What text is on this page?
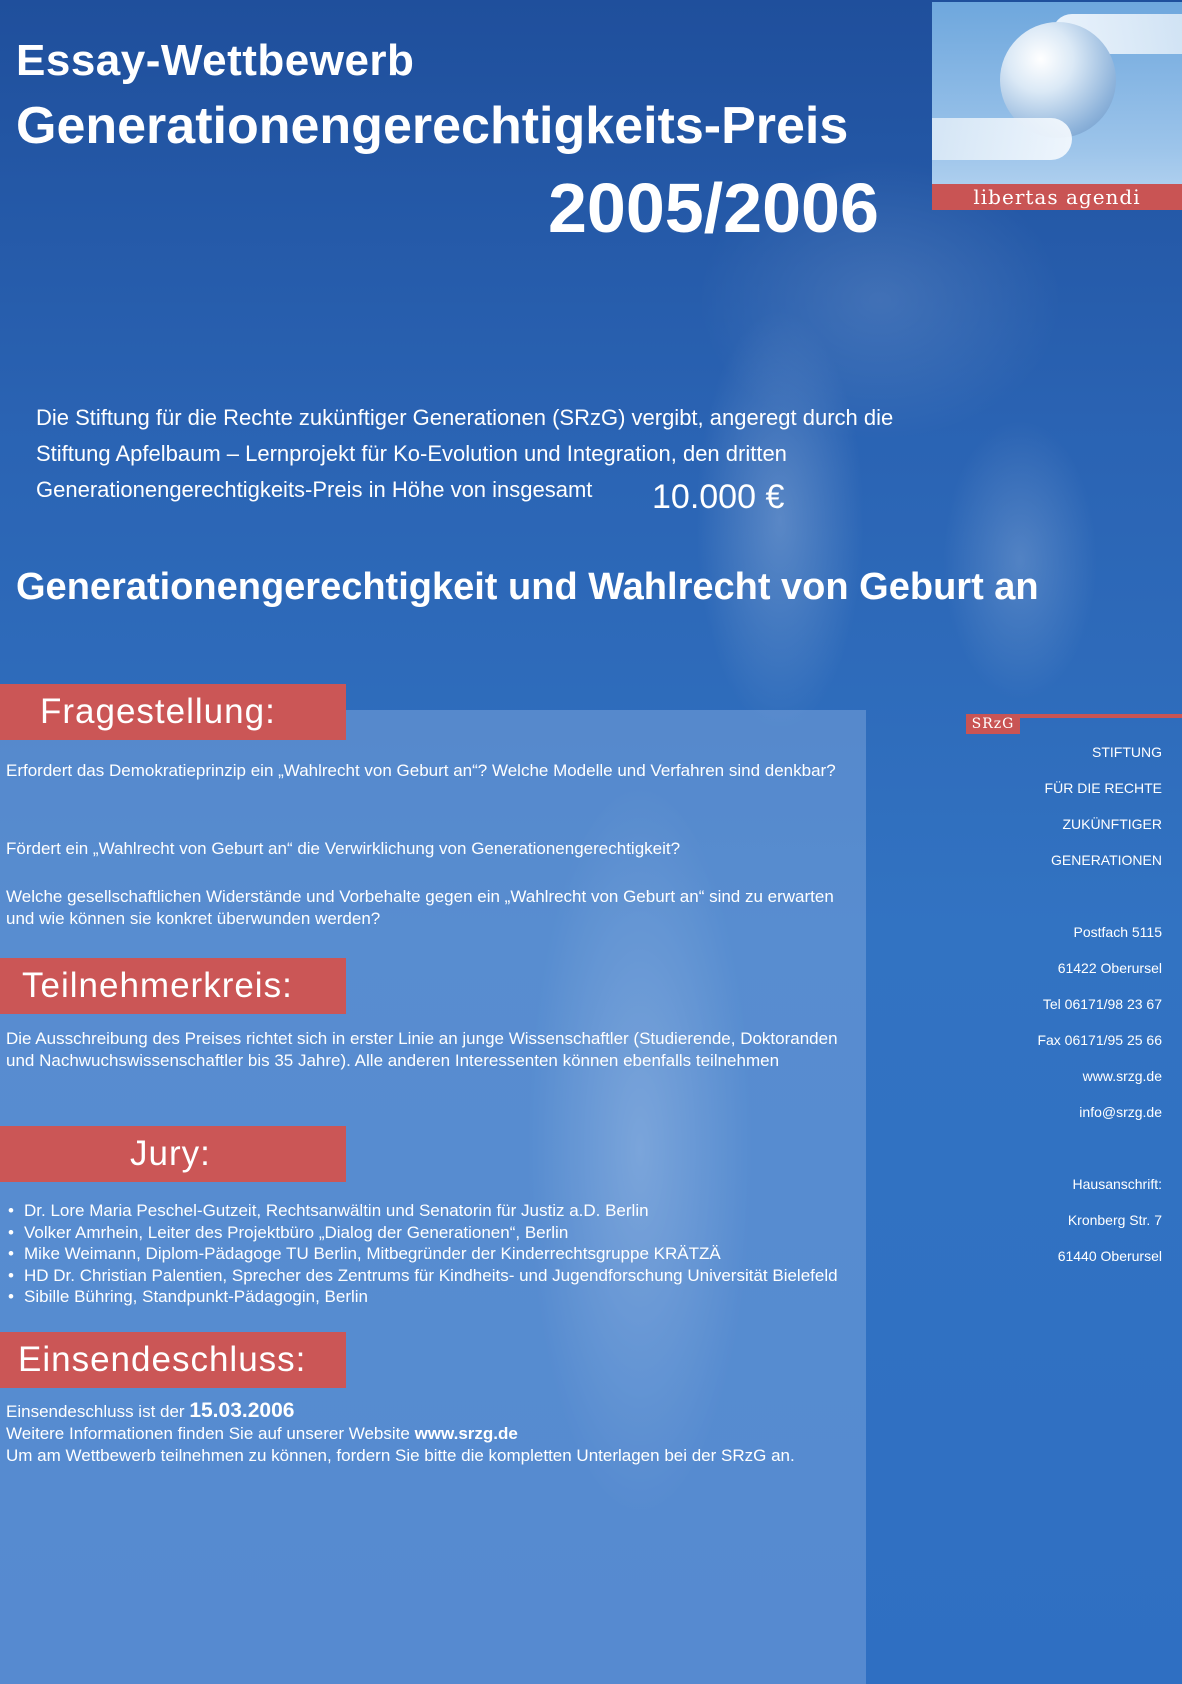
Essay-Wettbewerb
Generationengerechtigkeits-Preis
2005/2006	libertas agendi
Die Stiftung für die Rechte zukünftiger Generationen (SRzG) vergibt, angeregt durch die Stiftung Apfelbaum – Lernprojekt für Ko-Evolution und Integration, den dritten Generationengerechtigkeits-Preis in Höhe von insgesamt	10.000 €
Generationengerechtigkeit und Wahlrecht von Geburt an
Fragestellung:
Erfordert das Demokratieprinzip ein „Wahlrecht von Geburt an“? Welche Modelle und Verfahren sind denkbar?
Fördert ein „Wahlrecht von Geburt an“ die Verwirklichung von Generationengerechtigkeit?
Welche gesellschaftlichen Widerstände und Vorbehalte gegen ein „Wahlrecht von Geburt an“ sind zu erwarten und wie können sie konkret überwunden werden?
Teilnehmerkreis:
Die Ausschreibung des Preises richtet sich in erster Linie an junge Wissenschaftler (Studierende, Doktoranden und Nachwuchswissenschaftler bis 35 Jahre). Alle anderen Interessenten können ebenfalls teilnehmen
Jury:
• Dr. Lore Maria Peschel-Gutzeit, Rechtsanwältin und Senatorin für Justiz a.D. Berlin
• Volker Amrhein, Leiter des Projektbüro „Dialog der Generationen“, Berlin
• Mike Weimann, Diplom-Pädagoge TU Berlin, Mitbegründer der Kinderrechtsgruppe KRÄTZÄ
• HD Dr. Christian Palentien, Sprecher des Zentrums für Kindheits- und Jugendforschung Universität Bielefeld
• Sibille Bühring, Standpunkt-Pädagogin, Berlin
Einsendeschluss:
Einsendeschluss ist der 15.03.2006
Weitere Informationen finden Sie auf unserer Website www.srzg.de
Um am Wettbewerb teilnehmen zu können, fordern Sie bitte die kompletten Unterlagen bei der SRzG an.
SRzG
STIFTUNG
FÜR DIE RECHTE
ZUKÜNFTIGER
GENERATIONEN
Postfach 5115
61422 Oberursel
Tel 06171/98 23 67
Fax 06171/95 25 66
www.srzg.de
info@srzg.de
Hausanschrift:
Kronberg Str. 7
61440 Oberursel
